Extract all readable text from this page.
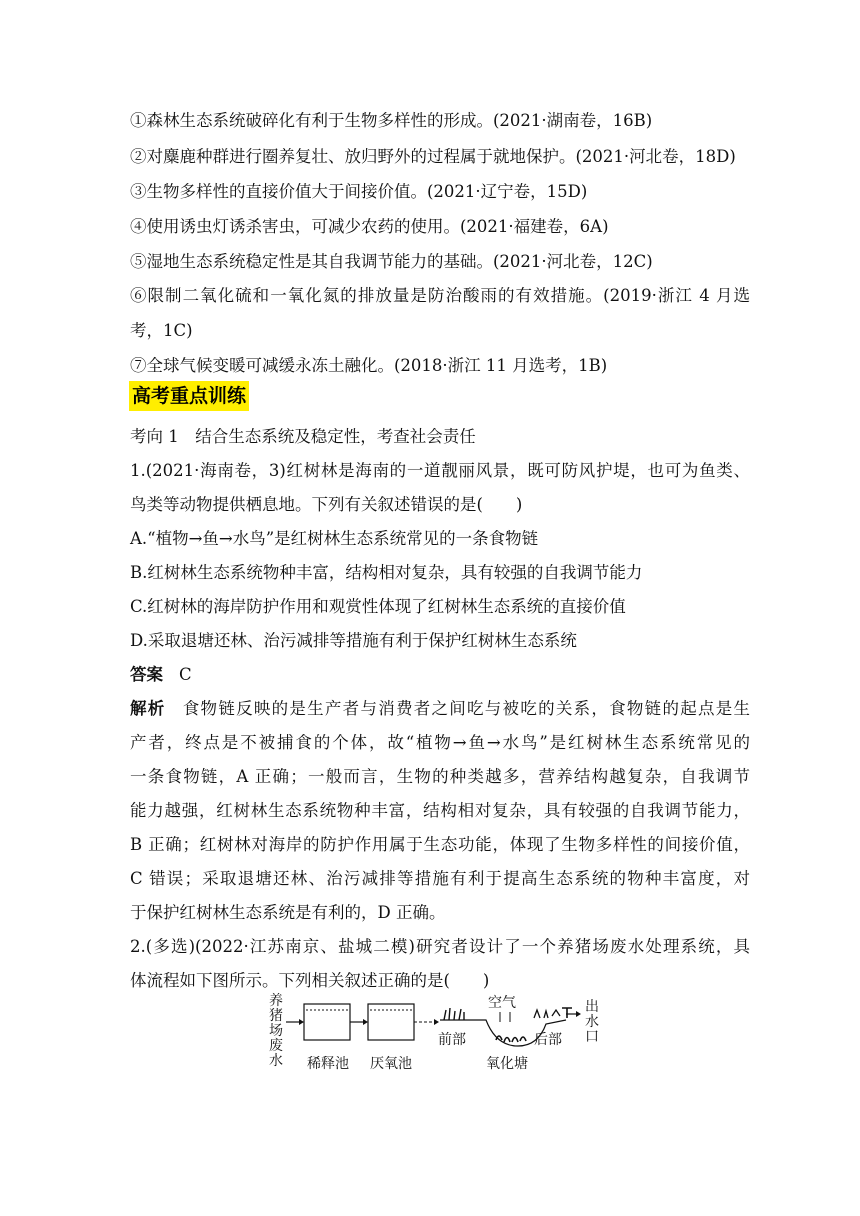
①森林生态系统破碎化有利于生物多样性的形成。(2021·湖南卷，16B)
②对麋鹿种群进行圈养复壮、放归野外的过程属于就地保护。(2021·河北卷，18D)
③生物多样性的直接价值大于间接价值。(2021·辽宁卷，15D)
④使用诱虫灯诱杀害虫，可减少农药的使用。(2021·福建卷，6A)
⑤湿地生态系统稳定性是其自我调节能力的基础。(2021·河北卷，12C)
⑥限制二氧化硫和一氧化氮的排放量是防治酸雨的有效措施。(2019·浙江 4 月选
考，1C)
⑦全球气候变暖可减缓永冻土融化。(2018·浙江 11 月选考，1B)
高考重点训练
考向 1　结合生态系统及稳定性，考查社会责任
1.(2021·海南卷，3)红树林是海南的一道靓丽风景，既可防风护堤，也可为鱼类、
鸟类等动物提供栖息地。下列有关叙述错误的是(　　)
A.“植物→鱼→水鸟”是红树林生态系统常见的一条食物链
B.红树林生态系统物种丰富，结构相对复杂，具有较强的自我调节能力
C.红树林的海岸防护作用和观赏性体现了红树林生态系统的直接价值
D.采取退塘还林、治污减排等措施有利于保护红树林生态系统
答案 C
解析 食物链反映的是生产者与消费者之间吃与被吃的关系，食物链的起点是生
产者，终点是不被捕食的个体，故“植物→鱼→水鸟”是红树林生态系统常见的
一条食物链，A 正确；一般而言，生物的种类越多，营养结构越复杂，自我调节
能力越强，红树林生态系统物种丰富，结构相对复杂，具有较强的自我调节能力，
B 正确；红树林对海岸的防护作用属于生态功能，体现了生物多样性的间接价值，
C 错误；采取退塘还林、治污减排等措施有利于提高生态系统的物种丰富度，对
于保护红树林生态系统是有利的，D 正确。
2.(多选)(2022·江苏南京、盐城二模)研究者设计了一个养猪场废水处理系统，具
体流程如下图所示。下列相关叙述正确的是(　　)
养
猪
场
废
水 稀释池 厌氧池
空气
前部	后部
氧化塘
出
水
口
